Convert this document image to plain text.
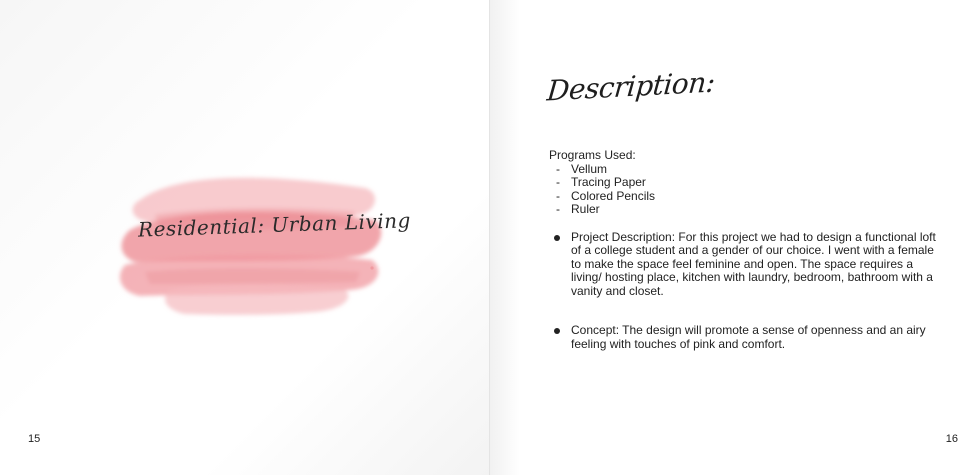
Residential: Urban Living
15
Description:

Programs Used:

- Vellum
- Tracing Paper
- Colored Pencils
- Ruler
Project Description: For this project we had to design a functional loft of a college student and a gender of our choice. I went with a female to make the space feel feminine and open. The space requires a living/ hosting place, kitchen with laundry, bedroom, bathroom with a vanity and closet.
Concept: The design will promote a sense of openness and an airy feeling with touches of pink and comfort.
16
